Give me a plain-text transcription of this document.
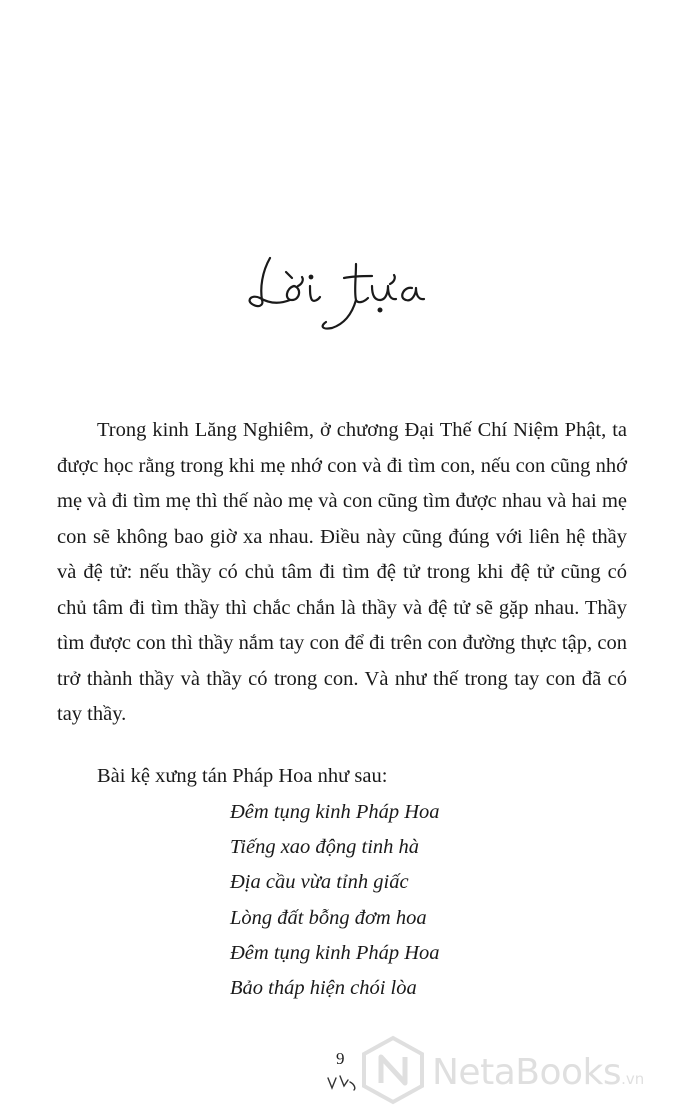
Trong kinh Lăng Nghiêm, ở chương Đại Thế Chí Niệm Phật, ta được học rằng trong khi mẹ nhớ con và đi tìm con, nếu con cũng nhớ mẹ và đi tìm mẹ thì thế nào mẹ và con cũng tìm được nhau và hai mẹ con sẽ không bao giờ xa nhau. Điều này cũng đúng với liên hệ thầy và đệ tử: nếu thầy có chủ tâm đi tìm đệ tử trong khi đệ tử cũng có chủ tâm đi tìm thầy thì chắc chắn là thầy và đệ tử sẽ gặp nhau. Thầy tìm được con thì thầy nắm tay con để đi trên con đường thực tập, con trở thành thầy và thầy có trong con. Và như thế trong tay con đã có tay thầy.

Bài kệ xưng tán Pháp Hoa như sau:
Đêm tụng kinh Pháp Hoa
Tiếng xao động tinh hà
Địa cầu vừa tỉnh giấc
Lòng đất bỗng đơm hoa
Đêm tụng kinh Pháp Hoa
Bảo tháp hiện chói lòa
9 NetaBooks.vn
